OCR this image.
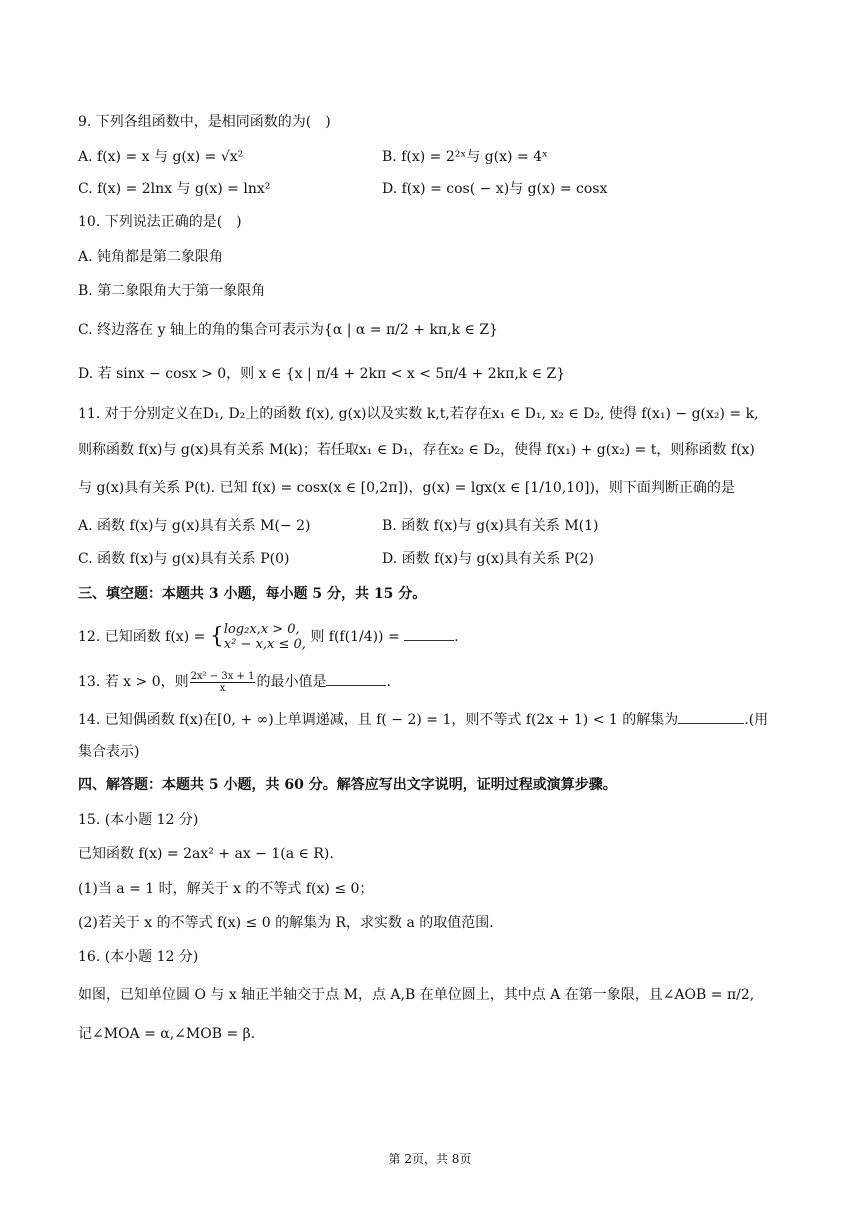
9. 下列各组函数中，是相同函数的为(　)
A. f(x) = x 与 g(x) = √x²	B. f(x) = 2²ˣ与 g(x) = 4ˣ
C. f(x) = 2lnx 与 g(x) = lnx²	D. f(x) = cos( − x)与 g(x) = cosx
10. 下列说法正确的是(　)
A. 钝角都是第二象限角
B. 第二象限角大于第一象限角
C. 终边落在 y 轴上的角的集合可表示为{α | α = π/2 + kπ,k ∈ Z}
D. 若 sinx − cosx > 0，则 x ∈ {x | π/4 + 2kπ < x < 5π/4 + 2kπ,k ∈ Z}
11. 对于分别定义在D₁, D₂上的函数 f(x), g(x)以及实数 k,t,若存在x₁ ∈ D₁, x₂ ∈ D₂, 使得 f(x₁) − g(x₂) = k,
则称函数 f(x)与 g(x)具有关系 M(k)；若任取x₁ ∈ D₁，存在x₂ ∈ D₂，使得 f(x₁) + g(x₂) = t，则称函数 f(x)
与 g(x)具有关系 P(t). 已知 f(x) = cosx(x ∈ [0,2π])，g(x) = lgx(x ∈ [1/10,10])，则下面判断正确的是
A. 函数 f(x)与 g(x)具有关系 M(− 2)	B. 函数 f(x)与 g(x)具有关系 M(1)
C. 函数 f(x)与 g(x)具有关系 P(0)	D. 函数 f(x)与 g(x)具有关系 P(2)
三、填空题：本题共 3 小题，每小题 5 分，共 15 分。
12. 已知函数 f(x) = { log₂x,x > 0,
x² − x,x ≤ 0, 则 f(f(1/4)) =	.
13. 若 x > 0，则 $\frac{\text{2x² − 3x + 1}}{x}$ 的最小值是	.
14. 已知偶函数 f(x)在[0, + ∞)上单调递减，且 f( − 2) = 1，则不等式 f(2x + 1) < 1 的解集为	.(用
集合表示)
四、解答题：本题共 5 小题，共 60 分。解答应写出文字说明，证明过程或演算步骤。
15. (本小题 12 分)
已知函数 f(x) = 2ax² + ax − 1(a ∈ R).
(1)当 a = 1 时，解关于 x 的不等式 f(x) ≤ 0；
(2)若关于 x 的不等式 f(x) ≤ 0 的解集为 R，求实数 a 的取值范围.
16. (本小题 12 分)
如图，已知单位圆 O 与 x 轴正半轴交于点 M，点 A,B 在单位圆上，其中点 A 在第一象限，且∠AOB = π/2,
记∠MOA = α,∠MOB = β.
第 2页，共 8页
